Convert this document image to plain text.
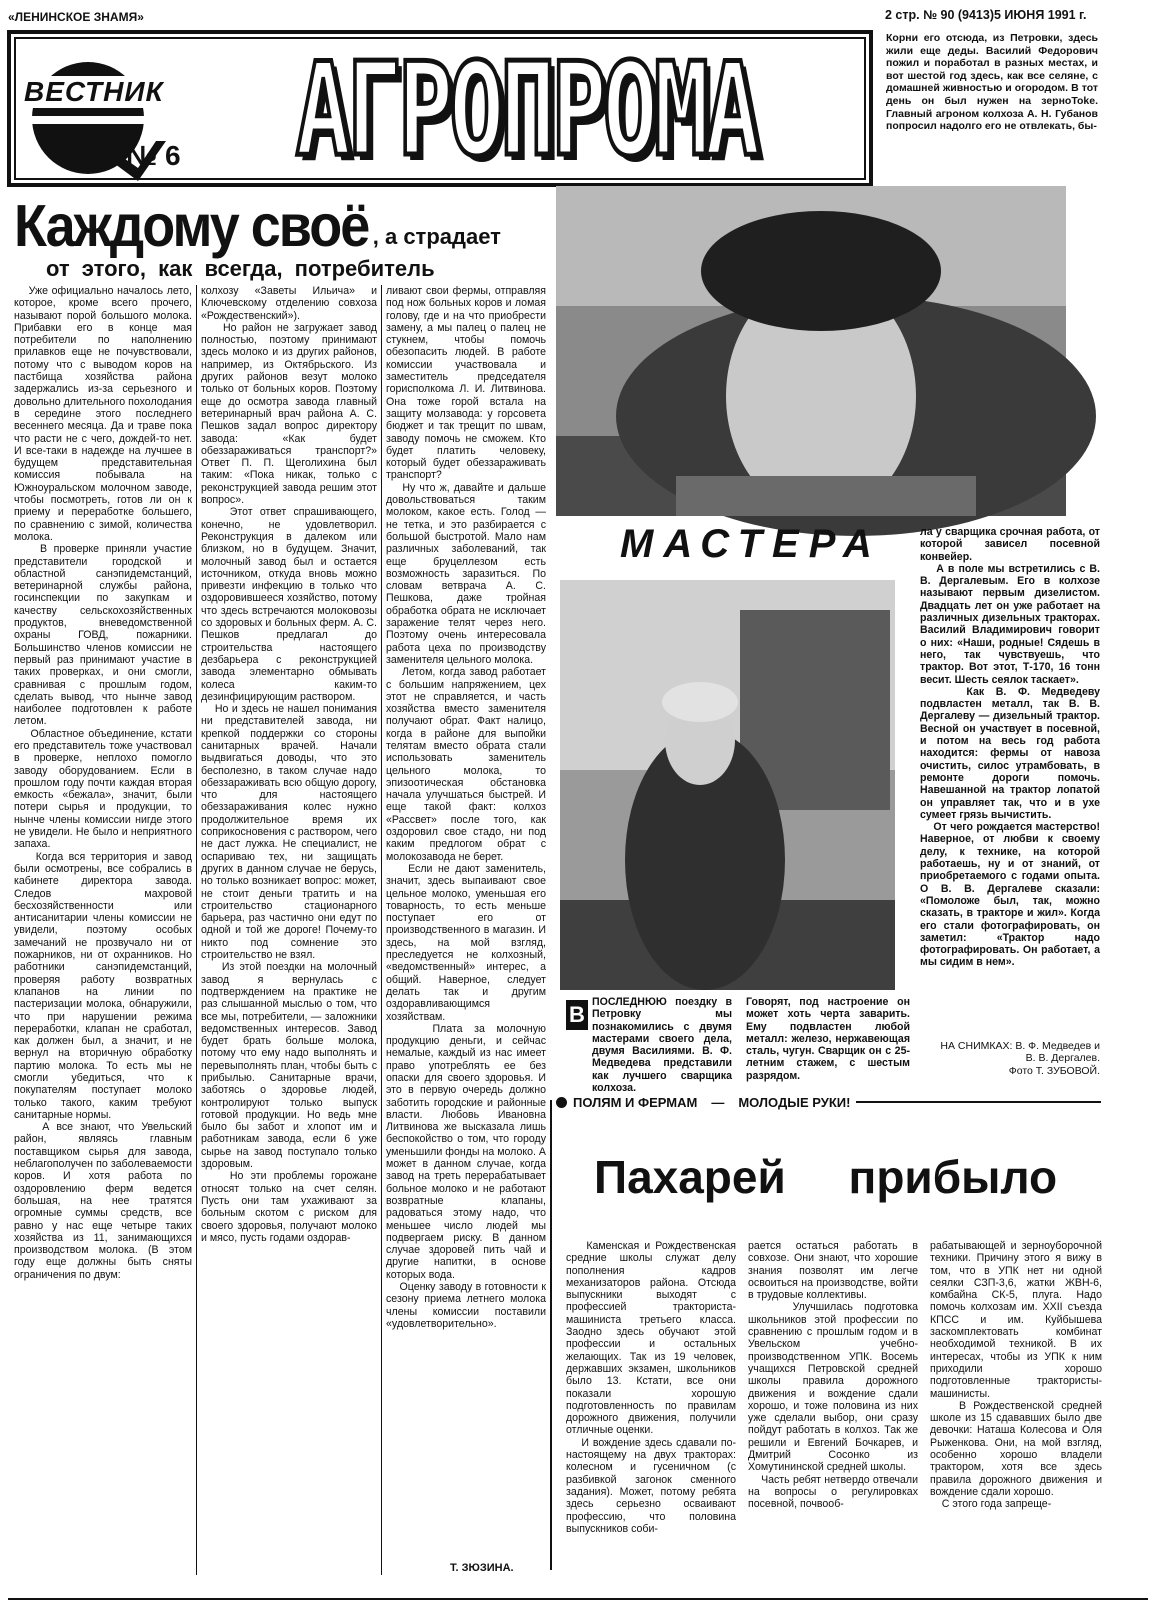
«ЛЕНИНСКОЕ ЗНАМЯ»	2 стр. № 90 (9413)5 ИЮНЯ 1991 г.
ВЕСТНИК
№ 6 АГРОПРОМА	Корни его отсюда, из Петровки, здесь жили еще деды. Василий Федорович пожил и поработал в разных местах, и вот шестой год здесь, как все селяне, с домашней живностью и огородом. В тот день он был нужен на зерноToke. Главный агроном колхоза А. Н. Губанов попросил надолго его не отвлекать, бы-
Каждому своё , а страдает
от этого, как всегда, потребитель
Уже официально началось лето, которое, кроме всего прочего, называют порой большого молока. Прибавки его в конце мая потребители по наполнению прилавков еще не почувствовали, потому что с выводом коров на пастбища хозяйства района задержались из-за серьезного и довольно длительного похолодания в середине этого последнего весеннего месяца. Да и траве пока что расти не с чего, дождей-то нет. И все-таки в надежде на лучшее в будущем представительная комиссия побывала на Южноуральском молочном заводе, чтобы посмотреть, готов ли он к приему и переработке большего, по сравнению с зимой, количества молока.
В проверке приняли участие представители городской и областной санэпидемстанций, ветеринарной службы района, госинспекции по закупкам и качеству сельскохозяйственных продуктов, вневедомственной охраны ГОВД, пожарники. Большинство членов комиссии не первый раз принимают участие в таких проверках, и они смогли, сравнивая с прошлым годом, сделать вывод, что нынче завод наиболее подготовлен к работе летом.
Областное объединение, кстати его представитель тоже участвовал в проверке, неплохо помогло заводу оборудованием. Если в прошлом году почти каждая вторая емкость «бежала», значит, были потери сырья и продукции, то нынче члены комиссии нигде этого не увидели. Не было и неприятного запаха.
Когда вся территория и завод были осмотрены, все собрались в кабинете директора завода. Следов махровой бесхозяйственности или антисанитарии члены комиссии не увидели, поэтому особых замечаний не прозвучало ни от пожарников, ни от охранников. Но работники санэпидемстанций, проверяя работу возвратных клапанов на линии по пастеризации молока, обнаружили, что при нарушении режима переработки, клапан не сработал, как должен был, а значит, и не вернул на вторичную обработку партию молока. То есть мы не смогли убедиться, что к покупателям поступает молоко только такого, каким требуют санитарные нормы.
А все знают, что Увельский район, являясь главным поставщиком сырья для завода, неблагополучен по заболеваемости коров. И хотя работа по оздоровлению ферм ведется большая, на нее тратятся огромные суммы средств, все равно у нас еще четыре таких хозяйства из 11, занимающихся производством молока. (В этом году еще должны быть сняты ограничения по двум:
колхозу «Заветы Ильича» и Ключевскому отделению совхоза «Рождественский»).
Но район не загружает завод полностью, поэтому принимают здесь молоко и из других районов, например, из Октябрьского. Из других районов везут молоко только от больных коров. Поэтому еще до осмотра завода главный ветеринарный врач района А. С. Пешков задал вопрос директору завода: «Как будет обеззараживаться транспорт?» Ответ П. П. Щеголихина был таким: «Пока никак, только с реконструкцией завода решим этот вопрос».
Этот ответ спрашивающего, конечно, не удовлетворил. Реконструкция в далеком или близком, но в будущем. Значит, молочный завод был и остается источником, откуда вновь можно привезти инфекцию в только что оздоровившееся хозяйство, потому что здесь встречаются молоковозы со здоровых и больных ферм. А. С. Пешков предлагал до строительства настоящего дезбарьера с реконструкцией завода элементарно обмывать колеса каким-то дезинфицирующим раствором.
Но и здесь не нашел понимания ни представителей завода, ни крепкой поддержки со стороны санитарных врачей. Начали выдвигаться доводы, что это бесполезно, в таком случае надо обеззараживать всю общую дорогу, что для настоящего обеззараживания колес нужно продолжительное время их соприкосновения с раствором, чего не даст лужка. Не специалист, не оспариваю тех, ни защищать других в данном случае не берусь, но только возникает вопрос: может, не стоит деньги тратить и на строительство стационарного барьера, раз частично они едут по одной и той же дороге! Почему-то никто под сомнение это строительство не взял.
Из этой поездки на молочный завод я вернулась с подтверждением на практике не раз слышанной мыслью о том, что все мы, потребители, — заложники ведомственных интересов. Завод будет брать больше молока, потому что ему надо выполнять и перевыполнять план, чтобы быть с прибылью. Санитарные врачи, заботясь о здоровье людей, контролируют только выпуск готовой продукции. Но ведь мне было бы забот и хлопот им и работникам завода, если 6 уже сырье на завод поступало только здоровым.
Но эти проблемы горожане относят только на счет селян. Пусть они там ухаживают за больным скотом с риском для своего здоровья, получают молоко и мясо, пусть годами оздорав-
ливают свои фермы, отправляя под нож больных коров и ломая голову, где и на что приобрести замену, а мы палец о палец не стукнем, чтобы помочь обезопасить людей. В работе комиссии участвовала и заместитель председателя горисполкома Л. И. Литвинова. Она тоже горой встала на защиту молзавода: у горсовета бюджет и так трещит по швам, заводу помочь не сможем. Кто будет платить человеку, который будет обеззараживать транспорт?
Ну что ж, давайте и дальше довольствоваться таким молоком, какое есть. Голод — не тетка, и это разбирается с большой быстротой. Мало нам различных заболеваний, так еще бруцеллезом есть возможность заразиться. По словам ветврача А. С. Пешкова, даже тройная обработка обрата не исключает заражение телят через него. Поэтому очень интересовала работа цеха по производству заменителя цельного молока.
Летом, когда завод работает с большим напряжением, цех этот не справляется, и часть хозяйства вместо заменителя получают обрат. Факт налицо, когда в районе для выпойки телятам вместо обрата стали использовать заменитель цельного молока, то эпизоотическая обстановка начала улучшаться быстрей. И еще такой факт: колхоз «Рассвет» после того, как оздоровил свое стадо, ни под каким предлогом обрат с молокозавода не берет.
Если не дают заменитель, значит, здесь выпаивают свое цельное молоко, уменьшая его товарность, то есть меньше поступает его от производственного в магазин. И здесь, на мой взгляд, преследуется не колхозный, «ведомственный» интерес, а общий. Наверное, следует делать так и другим оздоравливающимся хозяйствам.
Плата за молочную продукцию деньги, и сейчас немалые, каждый из нас имеет право употреблять ее без опаски для своего здоровья. И это в первую очередь должно заботить городские и районные власти. Любовь Ивановна Литвинова же высказала лишь беспокойство о том, что городу уменьшили фонды на молоко. А может в данном случае, когда завод на треть перерабатывает больное молоко и не работают возвратные клапаны, радоваться этому надо, что меньшее число людей мы подвергаем риску. В данном случае здоровей пить чай и другие напитки, в основе которых вода.
Оценку заводу в готовности к сезону приема летнего молока члены комиссии поставили «удовлетворительно».
Т. ЗЮЗИНА.
МАСТЕРА
В ПОСЛЕДНЮЮ поездку в Петровку мы познакомились с двумя мастерами своего дела, двумя Василиями. В. Ф. Медведева представили как лучшего сварщика колхоза.
Говорят, под настроение он может хоть черта заварить. Ему подвластен любой металл: железо, нержавеющая сталь, чугун. Сварщик он с 25-летним стажем, с шестым разрядом.
ла у сварщика срочная работа, от которой зависел посевной конвейер.
А в поле мы встретились с В. В. Дергалевым. Его в колхозе называют первым дизелистом. Двадцать лет он уже работает на различных дизельных тракторах. Василий Владимирович говорит о них: «Наши, родные! Сядешь в него, так чувствуешь, что трактор. Вот этот, Т-170, 16 тонн весит. Шесть сеялок таскает».
Как В. Ф. Медведеву подвластен металл, так В. В. Дергалеву — дизельный трактор. Весной он участвует в посевной, и потом на весь год работа находится: фермы от навоза очистить, силос утрамбовать, в ремонте дороги помочь. Навешанной на трактор лопатой он управляет так, что и в ухе сумеет грязь вычистить.
От чего рождается мастерство! Наверное, от любви к своему делу, к технике, на которой работаешь, ну и от знаний, от приобретаемого с годами опыта. О В. В. Дергалеве сказали: «Помоложе был, так, можно сказать, в тракторе и жил». Когда его стали фотографировать, он заметил: «Трактор надо фотографировать. Он работает, а мы сидим в нем».
НА СНИМКАХ: В. Ф. Медведев и В. В. Дергалев.
Фото Т. ЗУБОВОЙ.
ПОЛЯМ И ФЕРМАМ — МОЛОДЫЕ РУКИ!
Пахарей прибыло
Каменская и Рождественская средние школы служат делу пополнения кадров механизаторов района. Отсюда выпускники выходят с профессией тракториста-машиниста третьего класса. Заодно здесь обучают этой профессии и остальных желающих. Так из 19 человек, державших экзамен, школьников было 13. Кстати, все они показали хорошую подготовленность по правилам дорожного движения, получили отличные оценки.
И вождение здесь сдавали по-настоящему на двух тракторах: колесном и гусеничном (с разбивкой загонок сменного задания). Может, потому ребята здесь серьезно осваивают профессию, что половина выпускников соби-
рается остаться работать в совхозе. Они знают, что хорошие знания позволят им легче освоиться на производстве, войти в трудовые коллективы.
Улучшилась подготовка школьников этой профессии по сравнению с прошлым годом и в Увельском учебно-производственном УПК. Восемь учащихся Петровской средней школы правила дорожного движения и вождение сдали хорошо, и тоже половина из них уже сделали выбор, они сразу пойдут работать в колхоз. Так же решили и Евгений Бочкарев, и Дмитрий Сосонко из Хомутининской средней школы.
Часть ребят нетвердо отвечали на вопросы о регулировках посевной, почвооб-
рабатывающей и зерноуборочной техники. Причину этого я вижу в том, что в УПК нет ни одной сеялки СЗП-3,6, жатки ЖВН-6, комбайна СК-5, плуга. Надо помочь колхозам им. XXII съезда КПСС и им. Куйбышева заскомплектовать комбинат необходимой техникой. В их интересах, чтобы из УПК к ним приходили хорошо подготовленные трактористы-машинисты.
В Рождественской средней школе из 15 сдававших было две девочки: Наташа Колесова и Оля Рыженкова. Они, на мой взгляд, особенно хорошо владели трактором, хотя все здесь правила дорожного движения и вождение сдали хорошо.
С этого года запреще-
